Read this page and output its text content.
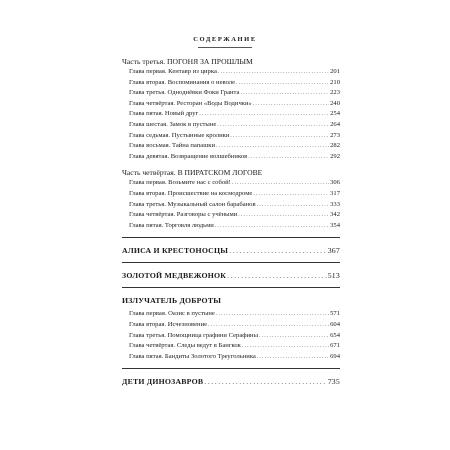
СОДЕРЖАНИЕ
Часть третья. ПОГОНЯ ЗА ПРОШЛЫМ
Глава первая. Кентавр из цирка . . .	201
Глава вторая. Воспоминания о неволе . . .	210
Глава третья. Одноднёвки Фоки Гранта . . .	223
Глава четвёртая. Ресторан «Воды Водички» . . .	240
Глава пятая. Новый друг . . .	254
Глава шестая. Замок в пустыне . . .	264
Глава седьмая. Пустынные кролики . . .	273
Глава восьмая. Тайна папашки . . .	282
Глава девятая. Возвращение волшебников . . .	292
Часть четвёртая. В ПИРАТСКОМ ЛОГОВЕ
Глава первая. Возьмите нас с собой! . . .	306
Глава вторая. Происшествие на космодроме . . .	317
Глава третья. Музыкальный салон барабанов . . .	333
Глава четвёртая. Разговоры с учёными . . .	342
Глава пятая. Торговля людьми . . .	354
АЛИСА И КРЕСТОНОСЦЫ . . .	367
ЗОЛОТОЙ МЕДВЕЖОНОК . . .	513
ИЗЛУЧАТЕЛЬ ДОБРОТЫ
Глава первая. Оазис в пустыне . . .	571
Глава вторая. Исчезновение . . .	604
Глава третья. Помощница графини Серафины . . .	654
Глава четвёртая. Следы ведут в Бангкок . . .	671
Глава пятая. Бандиты Золотого Треугольника . . .	694
ДЕТИ ДИНОЗАВРОВ . . .	735
